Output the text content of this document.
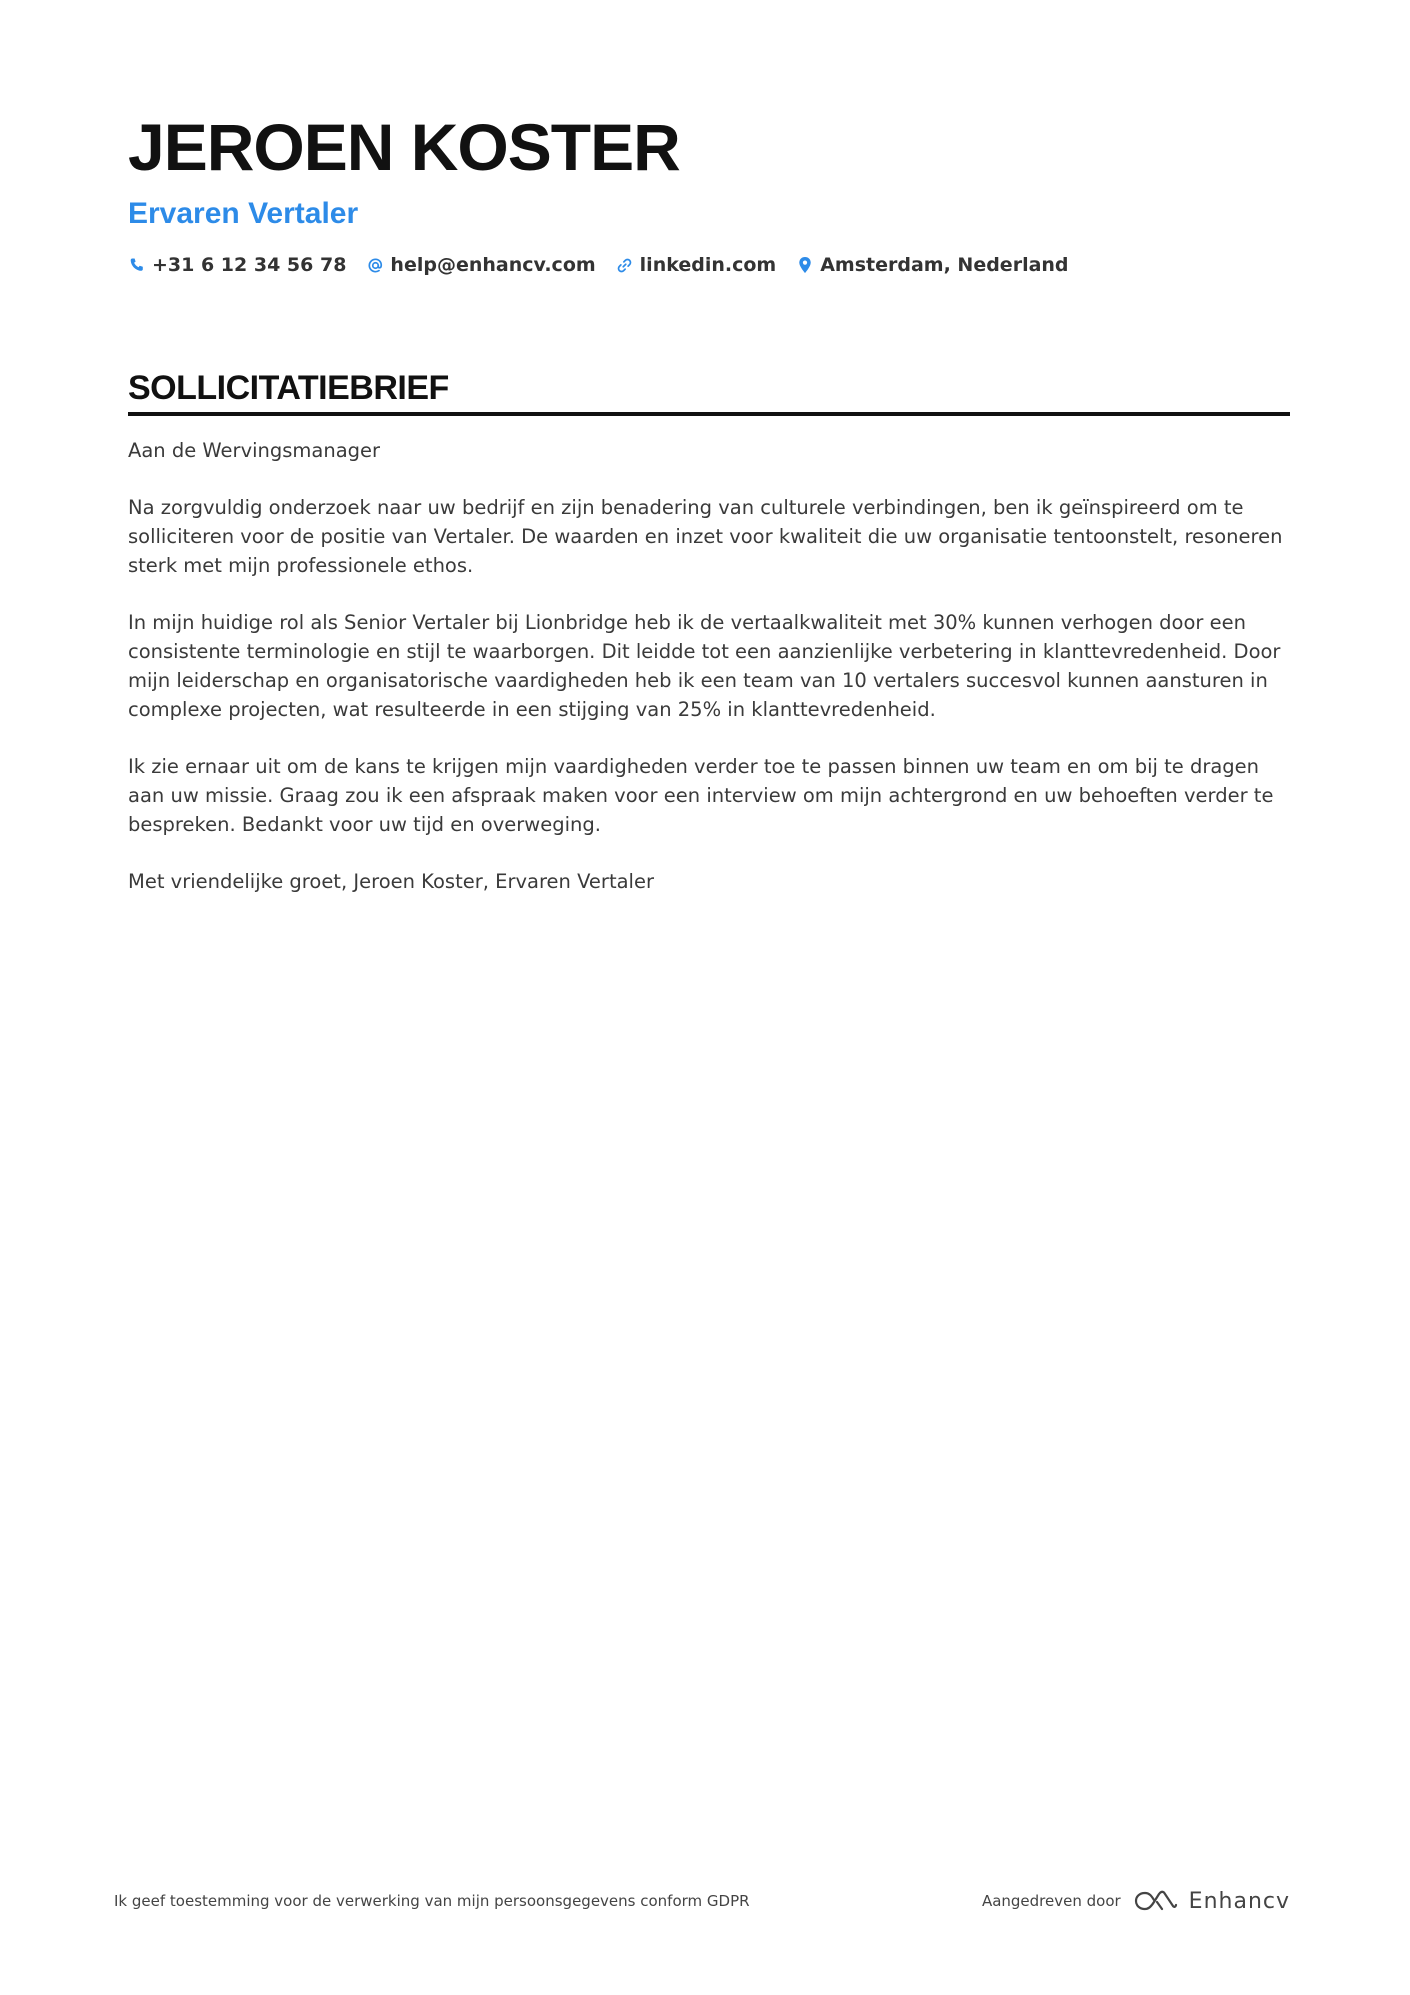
JEROEN KOSTER
Ervaren Vertaler
+31 6 12 34 56 78 help@enhancv.com linkedin.com Amsterdam, Nederland
SOLLICITATIEBRIEF

Aan de Wervingsmanager

Na zorgvuldig onderzoek naar uw bedrijf en zijn benadering van culturele verbindingen, ben ik geïnspireerd om te solliciteren voor de positie van Vertaler. De waarden en inzet voor kwaliteit die uw organisatie tentoonstelt, resoneren sterk met mijn professionele ethos.

In mijn huidige rol als Senior Vertaler bij Lionbridge heb ik de vertaalkwaliteit met 30% kunnen verhogen door een consistente terminologie en stijl te waarborgen. Dit leidde tot een aanzienlijke verbetering in klanttevredenheid. Door mijn leiderschap en organisatorische vaardigheden heb ik een team van 10 vertalers succesvol kunnen aansturen in complexe projecten, wat resulteerde in een stijging van 25% in klanttevredenheid.

Ik zie ernaar uit om de kans te krijgen mijn vaardigheden verder toe te passen binnen uw team en om bij te dragen aan uw missie. Graag zou ik een afspraak maken voor een interview om mijn achtergrond en uw behoeften verder te bespreken. Bedankt voor uw tijd en overweging.

Met vriendelijke groet, Jeroen Koster, Ervaren Vertaler

Ik geef toestemming voor de verwerking van mijn persoonsgegevens conform GDPR	Aangedreven door	Enhancv
